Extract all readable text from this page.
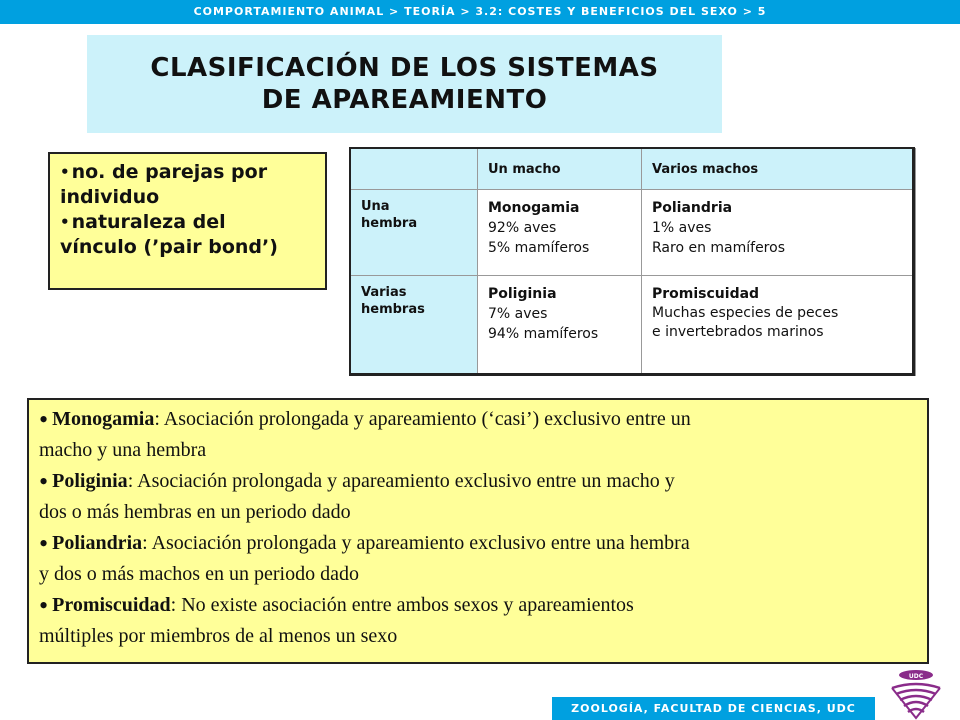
COMPORTAMIENTO ANIMAL > TEORÍA > 3.2: COSTES Y BENEFICIOS DEL SEXO > 5
CLASIFICACIÓN DE LOS SISTEMAS
DE APAREAMIENTO
• no. de parejas por
individuo
• naturaleza del
vínculo (’pair bond’)
	Un macho	Varios machos
Una
hembra	Monogamia
92% aves
5% mamíferos	Poliandria
1% aves
Raro en mamíferos

Varias
hembras	Poliginia
7% aves
94% mamíferos	Promiscuidad
Muchas especies de peces
e invertebrados marinos

• Monogamia: Asociación prolongada y apareamiento (‘casi’) exclusivo entre un
macho y una hembra

• Poliginia: Asociación prolongada y apareamiento exclusivo entre un macho y
dos o más hembras en un periodo dado

• Poliandria: Asociación prolongada y apareamiento exclusivo entre una hembra
y dos o más machos en un periodo dado

• Promiscuidad: No existe asociación entre ambos sexos y apareamientos
múltiples por miembros de al menos un sexo

ZOOLOGÍA, FACULTAD DE CIENCIAS, UDC
UDC
